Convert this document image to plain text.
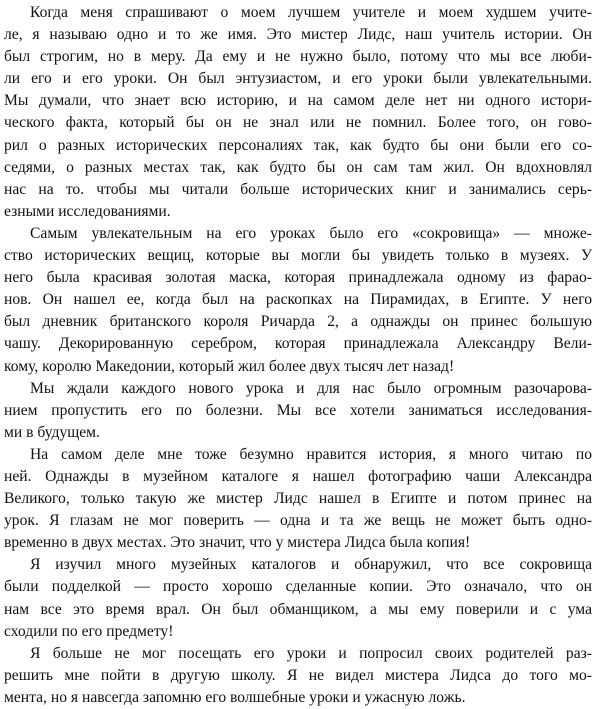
Когда меня спрашивают о моем лучшем учителе и моем худшем учите-
ле, я называю одно и то же имя. Это мистер Лидс, наш учитель истории. Он
был строгим, но в меру. Да ему и не нужно было, потому что мы все люби-
ли его и его уроки. Он был энтузиастом, и его уроки были увлекательными.
Мы думали, что знает всю историю, и на самом деле нет ни одного истори-
ческого факта, который бы он не знал или не помнил. Более того, он гово-
рил о разных исторических персоналиях так, как будто бы они были его со-
седями, о разных местах так, как будто бы он сам там жил. Он вдохновлял
нас на то. чтобы мы читали больше исторических книг и занимались серь-
езными исследованиями.
Самым увлекательным на его уроках было его «сокровища» — множе-
ство исторических вещиц, которые вы могли бы увидеть только в музеях. У
него была красивая золотая маска, которая принадлежала одному из фарао-
нов. Он нашел ее, когда был на раскопках на Пирамидах, в Египте. У него
был дневник британского короля Ричарда 2, а однажды он принес большую
чашу. Декорированную серебром, которая принадлежала Александру Вели-
кому, королю Македонии, который жил более двух тысяч лет назад!
Мы ждали каждого нового урока и для нас было огромным разочарова-
нием пропустить его по болезни. Мы все хотели заниматься исследования-
ми в будущем.
На самом деле мне тоже безумно нравится история, я много читаю по
ней. Однажды в музейном каталоге я нашел фотографию чаши Александра
Великого, только такую же мистер Лидс нашел в Египте и потом принес на
урок. Я глазам не мог поверить — одна и та же вещь не может быть одно-
временно в двух местах. Это значит, что у мистера Лидса была копия!
Я изучил много музейных каталогов и обнаружил, что все сокровища
были подделкой — просто хорошо сделанные копии. Это означало, что он
нам все это время врал. Он был обманщиком, а мы ему поверили и с ума
сходили по его предмету!
Я больше не мог посещать его уроки и попросил своих родителей раз-
решить мне пойти в другую школу. Я не видел мистера Лидса до того мо-
мента, но я навсегда запомню его волшебные уроки и ужасную ложь.
